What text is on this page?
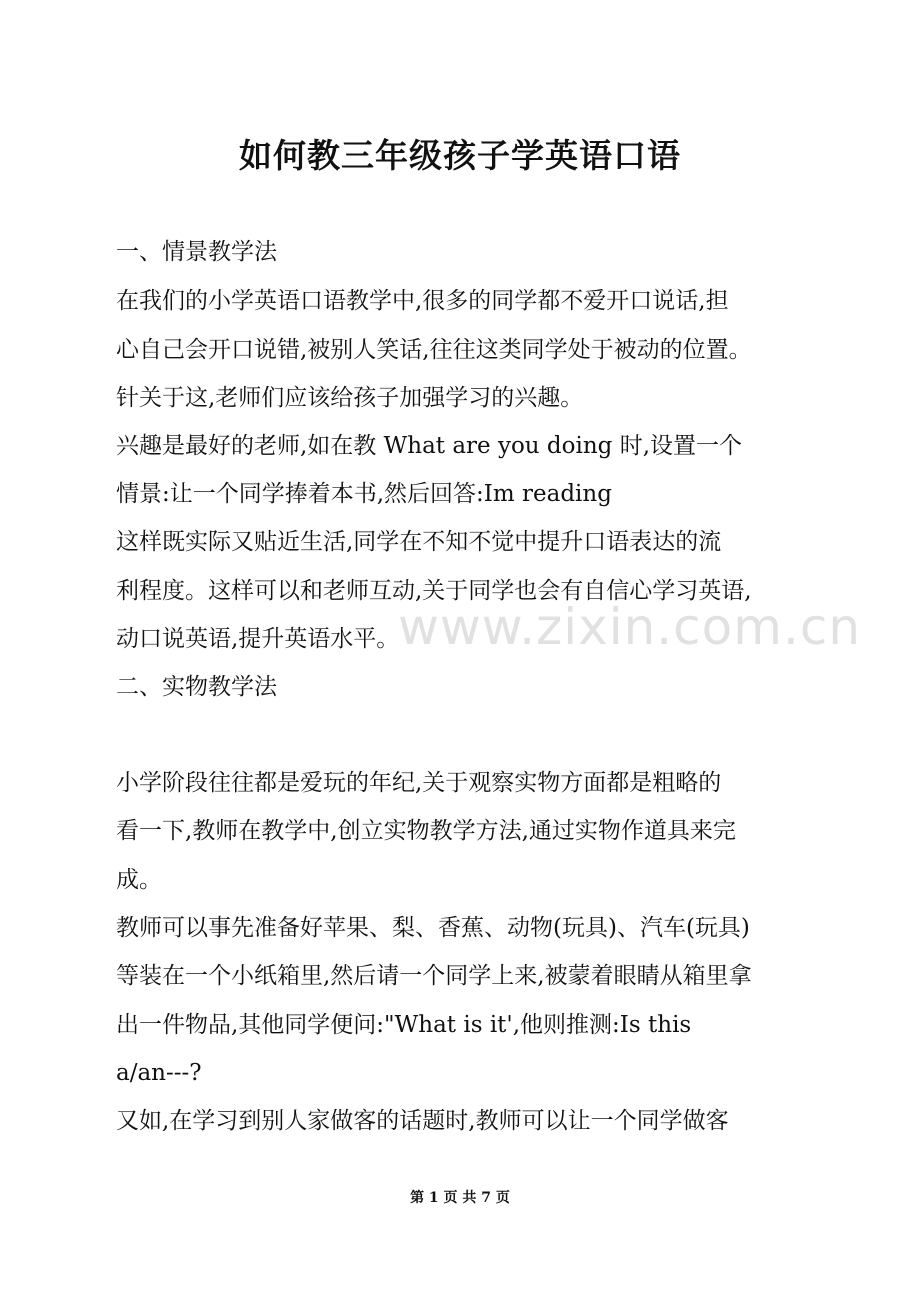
如何教三年级孩子学英语口语
一、情景教学法
在我们的小学英语口语教学中,很多的同学都不爱开口说话,担
心自己会开口说错,被别人笑话,往往这类同学处于被动的位置。
针关于这,老师们应该给孩子加强学习的兴趣。
兴趣是最好的老师,如在教 What are you doing 时,设置一个
情景:让一个同学捧着本书,然后回答:Im reading
这样既实际又贴近生活,同学在不知不觉中提升口语表达的流
利程度。这样可以和老师互动,关于同学也会有自信心学习英语,
动口说英语,提升英语水平。
二、实物教学法
小学阶段往往都是爱玩的年纪,关于观察实物方面都是粗略的
看一下,教师在教学中,创立实物教学方法,通过实物作道具来完
成。
教师可以事先准备好苹果、梨、香蕉、动物(玩具)、汽车(玩具)
等装在一个小纸箱里,然后请一个同学上来,被蒙着眼睛从箱里拿
出一件物品,其他同学便问:"What is it',他则推测:Is this
a/an---?
又如,在学习到别人家做客的话题时,教师可以让一个同学做客
www.zixin.com.cn
第 1 页 共 7 页
